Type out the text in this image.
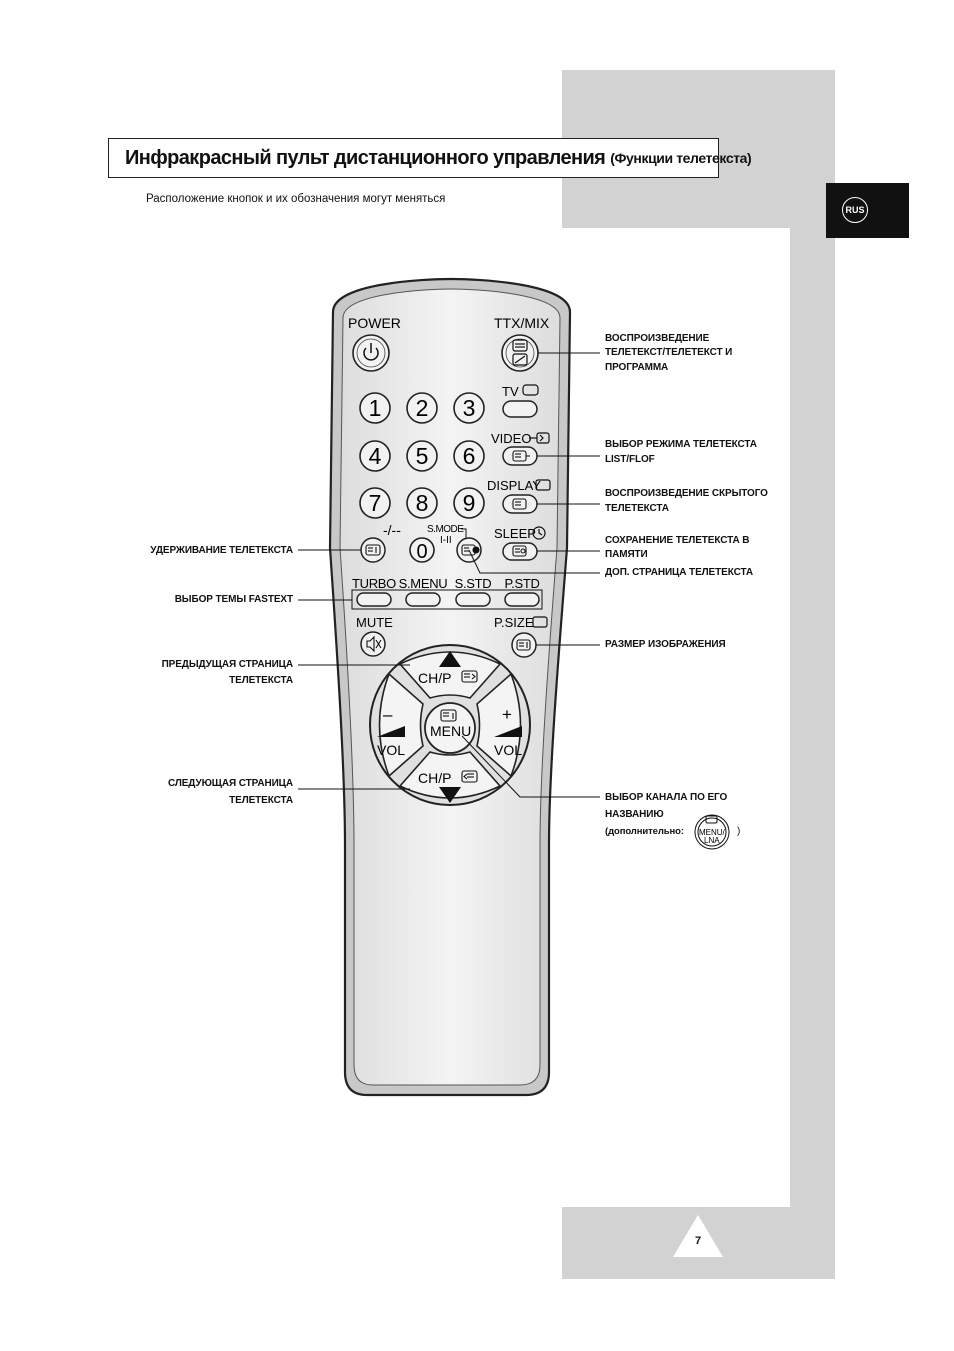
RUS
Инфракрасный пульт дистанционного управления (Функции телетекста)
Расположение кнопок и их обозначения могут меняться
POWER	TTX/MIX
TV
1 2 3
4 5 6
7 8 9
0
VIDEO
DISPLAY
-/--	S.MODE
I-II	SLEEP
TURBO S.MENU S.STD P.STD
MUTE	P.SIZE
CH/P
CH/P
–
VOL
+
VOL
MENU
MENU/
LNA
УДЕРЖИВАНИЕ ТЕЛЕТЕКСТА
ВЫБОР ТЕМЫ FASTEXT
ПРЕДЫДУЩАЯ СТРАНИЦА
ТЕЛЕТЕКСТА
СЛЕДУЮЩАЯ СТРАНИЦА
ТЕЛЕТЕКСТА
ВОСПРОИЗВЕДЕНИЕ
ТЕЛЕТЕКСТ/ТЕЛЕТЕКСТ И
ПРОГРАММА
ВЫБОР РЕЖИМА ТЕЛЕТЕКСТА
LIST/FLOF
ВОСПРОИЗВЕДЕНИЕ СКРЫТОГО
ТЕЛЕТЕКСТА
СОХРАНЕНИЕ ТЕЛЕТЕКСТА В
ПАМЯТИ
ДОП. СТРАНИЦА ТЕЛЕТЕКСТА
РАЗМЕР ИЗОБРАЖЕНИЯ
ВЫБОР КАНАЛА ПО ЕГО
НАЗВАНИЮ
(дополнительно:	)
7
